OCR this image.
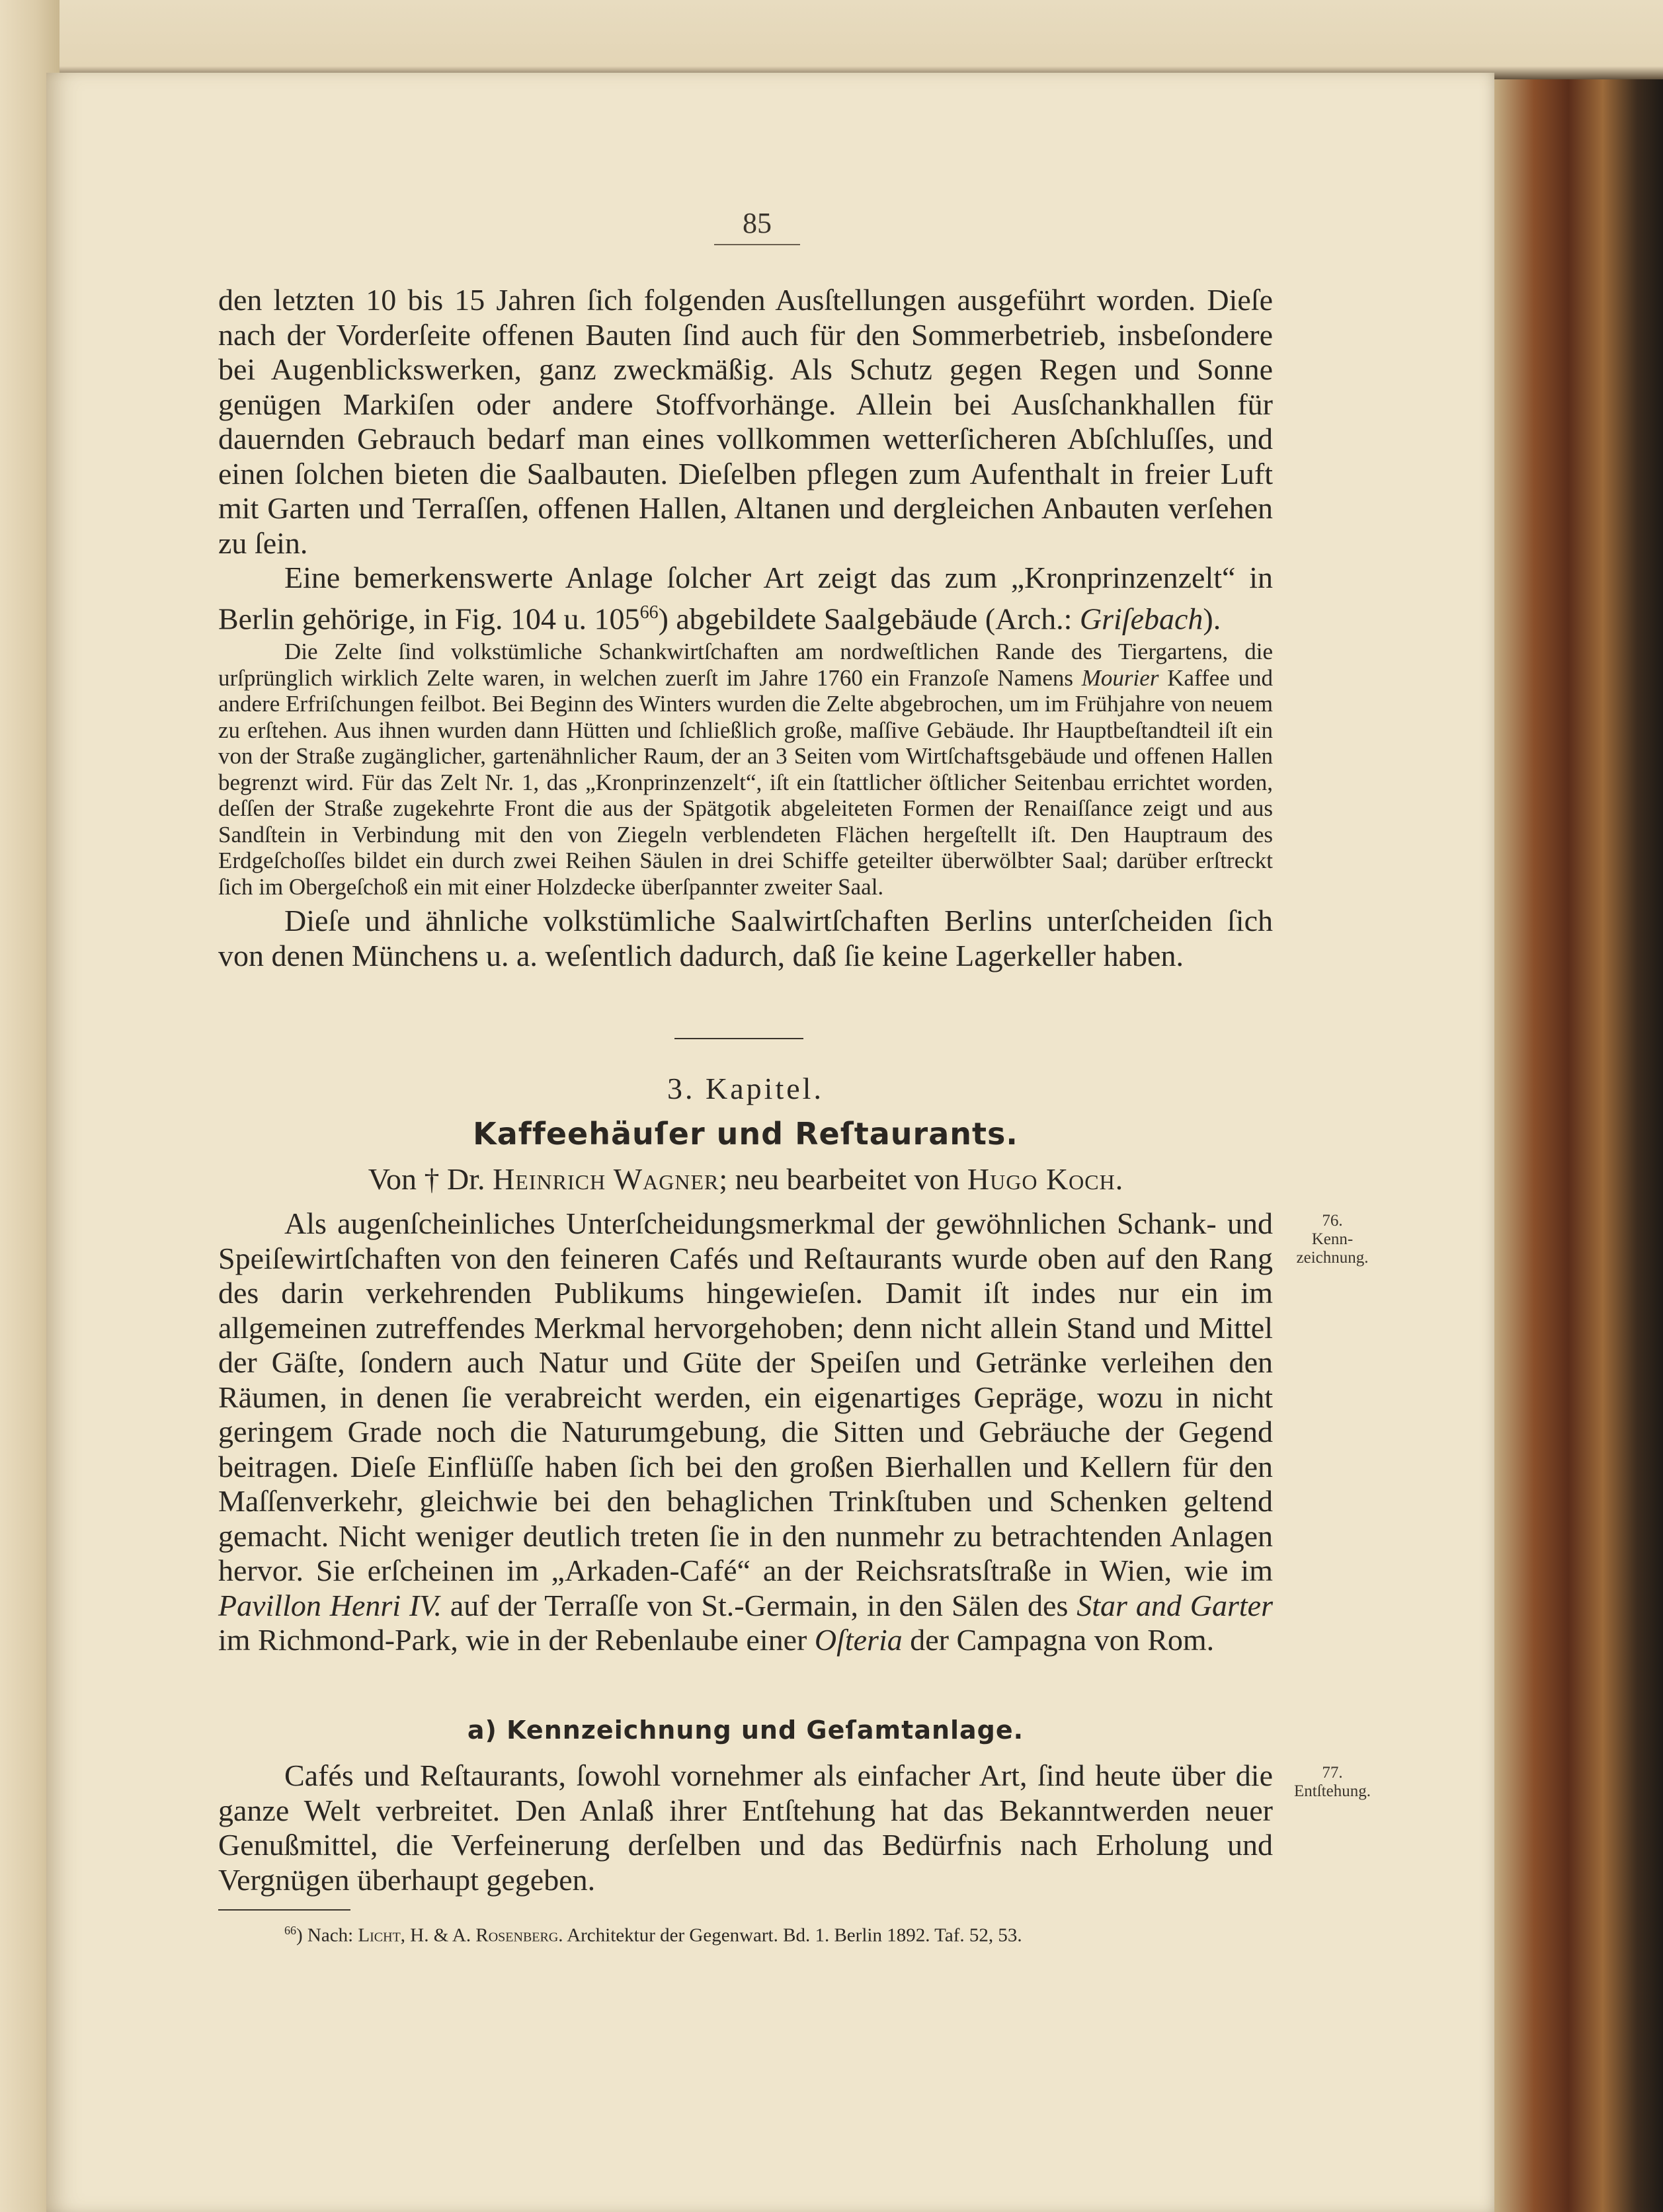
85

den letzten 10 bis 15 Jahren ſich folgenden Ausſtellungen ausgeführt worden. Dieſe nach der Vorderſeite offenen Bauten ſind auch für den Sommerbetrieb, insbeſondere bei Augenblickswerken, ganz zweckmäßig. Als Schutz gegen Regen und Sonne genügen Markiſen oder andere Stoffvorhänge. Allein bei Ausſchankhallen für dauernden Gebrauch bedarf man eines vollkommen wetterſicheren Abſchluſſes, und einen ſolchen bieten die Saalbauten. Dieſelben pflegen zum Aufenthalt in freier Luft mit Garten und Terraſſen, offenen Hallen, Altanen und dergleichen Anbauten verſehen zu ſein.

Eine bemerkenswerte Anlage ſolcher Art zeigt das zum „Kronprinzenzelt“ in Berlin gehörige, in Fig. 104 u. $105^{66}$) abgebildete Saalgebäude (Arch.: Griſebach).

Die Zelte ſind volkstümliche Schankwirtſchaften am nordweſtlichen Rande des Tiergartens, die urſprünglich wirklich Zelte waren, in welchen zuerſt im Jahre 1760 ein Franzoſe Namens Mourier Kaffee und andere Erfriſchungen feilbot. Bei Beginn des Winters wurden die Zelte abgebrochen, um im Frühjahre von neuem zu erſtehen. Aus ihnen wurden dann Hütten und ſchließlich große, maſſive Gebäude. Ihr Hauptbeſtandteil iſt ein von der Straße zugänglicher, gartenähnlicher Raum, der an 3 Seiten vom Wirtſchaftsgebäude und offenen Hallen begrenzt wird. Für das Zelt Nr. 1, das „Kronprinzenzelt“, iſt ein ſtattlicher öſtlicher Seitenbau errichtet worden, deſſen der Straße zugekehrte Front die aus der Spätgotik abgeleiteten Formen der Renaiſſance zeigt und aus Sandſtein in Verbindung mit den von Ziegeln verblendeten Flächen hergeſtellt iſt. Den Hauptraum des Erdgeſchoſſes bildet ein durch zwei Reihen Säulen in drei Schiffe geteilter überwölbter Saal; darüber erſtreckt ſich im Obergeſchoß ein mit einer Holzdecke überſpannter zweiter Saal.

Dieſe und ähnliche volkstümliche Saalwirtſchaften Berlins unterſcheiden ſich von denen Münchens u. a. weſentlich dadurch, daß ſie keine Lagerkeller haben.

3. Kapitel.
Kaffeehäuſer und Reſtaurants.
Von † Dr. Heinrich Wagner; neu bearbeitet von Hugo Koch.

Als augenſcheinliches Unterſcheidungsmerkmal der gewöhnlichen Schank- und Speiſewirtſchaften von den feineren Cafés und Reſtaurants wurde oben auf den Rang des darin verkehrenden Publikums hingewieſen. Damit iſt indes nur ein im allgemeinen zutreffendes Merkmal hervorgehoben; denn nicht allein Stand und Mittel der Gäſte, ſondern auch Natur und Güte der Speiſen und Getränke verleihen den Räumen, in denen ſie verabreicht werden, ein eigenartiges Gepräge, wozu in nicht geringem Grade noch die Naturumgebung, die Sitten und Gebräuche der Gegend beitragen. Dieſe Einflüſſe haben ſich bei den großen Bierhallen und Kellern für den Maſſenverkehr, gleichwie bei den behaglichen Trinkſtuben und Schenken geltend gemacht. Nicht weniger deutlich treten ſie in den nunmehr zu betrachtenden Anlagen hervor. Sie erſcheinen im „Arkaden-Café“ an der Reichsratsſtraße in Wien, wie im Pavillon Henri IV. auf der Terraſſe von St.-Germain, in den Sälen des Star and Garter im Richmond-Park, wie in der Rebenlaube einer Oſteria der Campagna von Rom.

a) Kennzeichnung und Geſamtanlage.

Cafés und Reſtaurants, ſowohl vornehmer als einfacher Art, ſind heute über die ganze Welt verbreitet. Den Anlaß ihrer Entſtehung hat das Bekanntwerden neuer Genußmittel, die Verfeinerung derſelben und das Bedürfnis nach Erholung und Vergnügen überhaupt gegeben.

76.
Kenn-zeichnung.
77.
Entſtehung.
$^{66}$) Nach: Licht, H. & A. Rosenberg. Architektur der Gegenwart. Bd. 1. Berlin 1892. Taf. 52, 53.
